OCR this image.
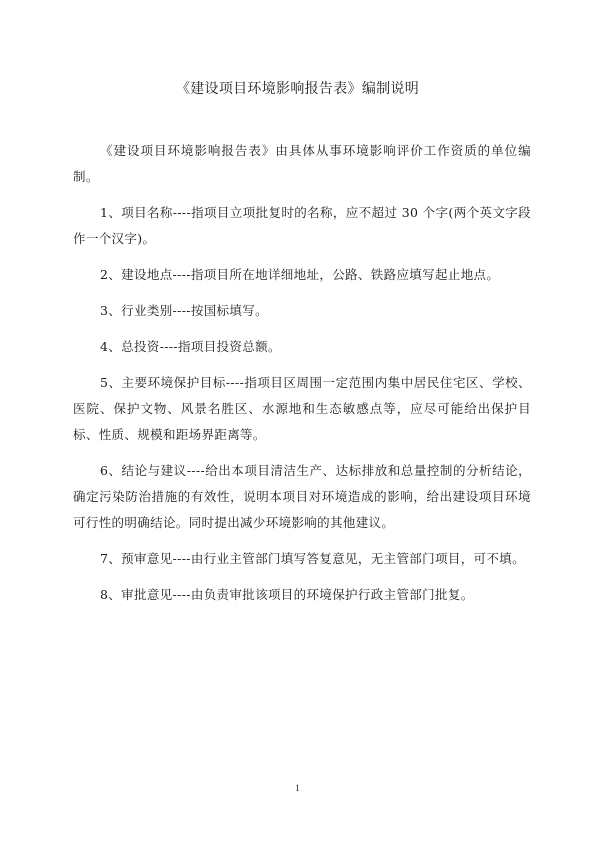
《建设项目环境影响报告表》编制说明

《建设项目环境影响报告表》由具体从事环境影响评价工作资质的单位编制。

1、项目名称----指项目立项批复时的名称，应不超过 30 个字(两个英文字段作一个汉字)。

2、建设地点----指项目所在地详细地址，公路、铁路应填写起止地点。

3、行业类别----按国标填写。

4、总投资----指项目投资总额。

5、主要环境保护目标----指项目区周围一定范围内集中居民住宅区、学校、医院、保护文物、风景名胜区、水源地和生态敏感点等，应尽可能给出保护目标、性质、规模和距场界距离等。

6、结论与建议----给出本项目清洁生产、达标排放和总量控制的分析结论，确定污染防治措施的有效性，说明本项目对环境造成的影响，给出建设项目环境可行性的明确结论。同时提出减少环境影响的其他建议。

7、预审意见----由行业主管部门填写答复意见，无主管部门项目，可不填。

8、审批意见----由负责审批该项目的环境保护行政主管部门批复。

1
